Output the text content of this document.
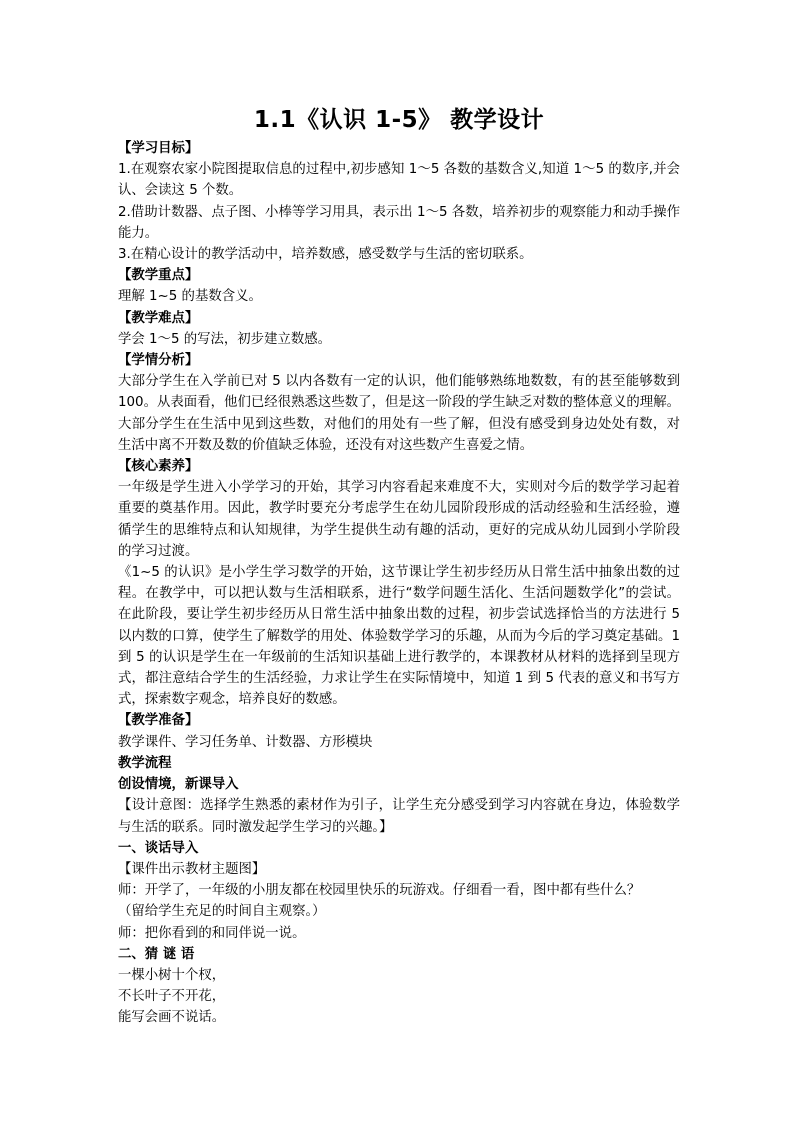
1.1《认识 1-5》 教学设计

【学习目标】

1.在观察农家小院图提取信息的过程中,初步感知 1～5 各数的基数含义,知道 1～5 的数序,并会认、会读这 5 个数。

2.借助计数器、点子图、小棒等学习用具，表示出 1～5 各数，培养初步的观察能力和动手操作能力。

3.在精心设计的教学活动中，培养数感，感受数学与生活的密切联系。

【教学重点】

理解 1~5 的基数含义。

【教学难点】

学会 1～5 的写法，初步建立数感。

【学情分析】

大部分学生在入学前已对 5 以内各数有一定的认识，他们能够熟练地数数，有的甚至能够数到 100。从表面看，他们已经很熟悉这些数了，但是这一阶段的学生缺乏对数的整体意义的理解。大部分学生在生活中见到这些数，对他们的用处有一些了解，但没有感受到身边处处有数，对生活中离不开数及数的价值缺乏体验，还没有对这些数产生喜爱之情。

【核心素养】

一年级是学生进入小学学习的开始，其学习内容看起来难度不大，实则对今后的数学学习起着重要的奠基作用。因此，教学时要充分考虑学生在幼儿园阶段形成的活动经验和生活经验，遵循学生的思维特点和认知规律，为学生提供生动有趣的活动，更好的完成从幼儿园到小学阶段的学习过渡。

《1~5 的认识》是小学生学习数学的开始，这节课让学生初步经历从日常生活中抽象出数的过程。在教学中，可以把认数与生活相联系，进行“数学问题生活化、生活问题数学化”的尝试。在此阶段，要让学生初步经历从日常生活中抽象出数的过程，初步尝试选择恰当的方法进行 5 以内数的口算，使学生了解数学的用处、体验数学学习的乐趣，从而为今后的学习奠定基础。1 到 5 的认识是学生在一年级前的生活知识基础上进行教学的，本课教材从材料的选择到呈现方式，都注意结合学生的生活经验，力求让学生在实际情境中，知道 1 到 5 代表的意义和书写方式，探索数字观念，培养良好的数感。

【教学准备】

教学课件、学习任务单、计数器、方形模块

教学流程

创设情境，新课导入

【设计意图：选择学生熟悉的素材作为引子，让学生充分感受到学习内容就在身边，体验数学与生活的联系。同时激发起学生学习的兴趣。】

一、谈话导入

【课件出示教材主题图】

师：开学了，一年级的小朋友都在校园里快乐的玩游戏。仔细看一看，图中都有些什么？

（留给学生充足的时间自主观察。）

师：把你看到的和同伴说一说。

二、猜 谜 语

一棵小树十个杈，

不长叶子不开花，

能写会画不说话。
